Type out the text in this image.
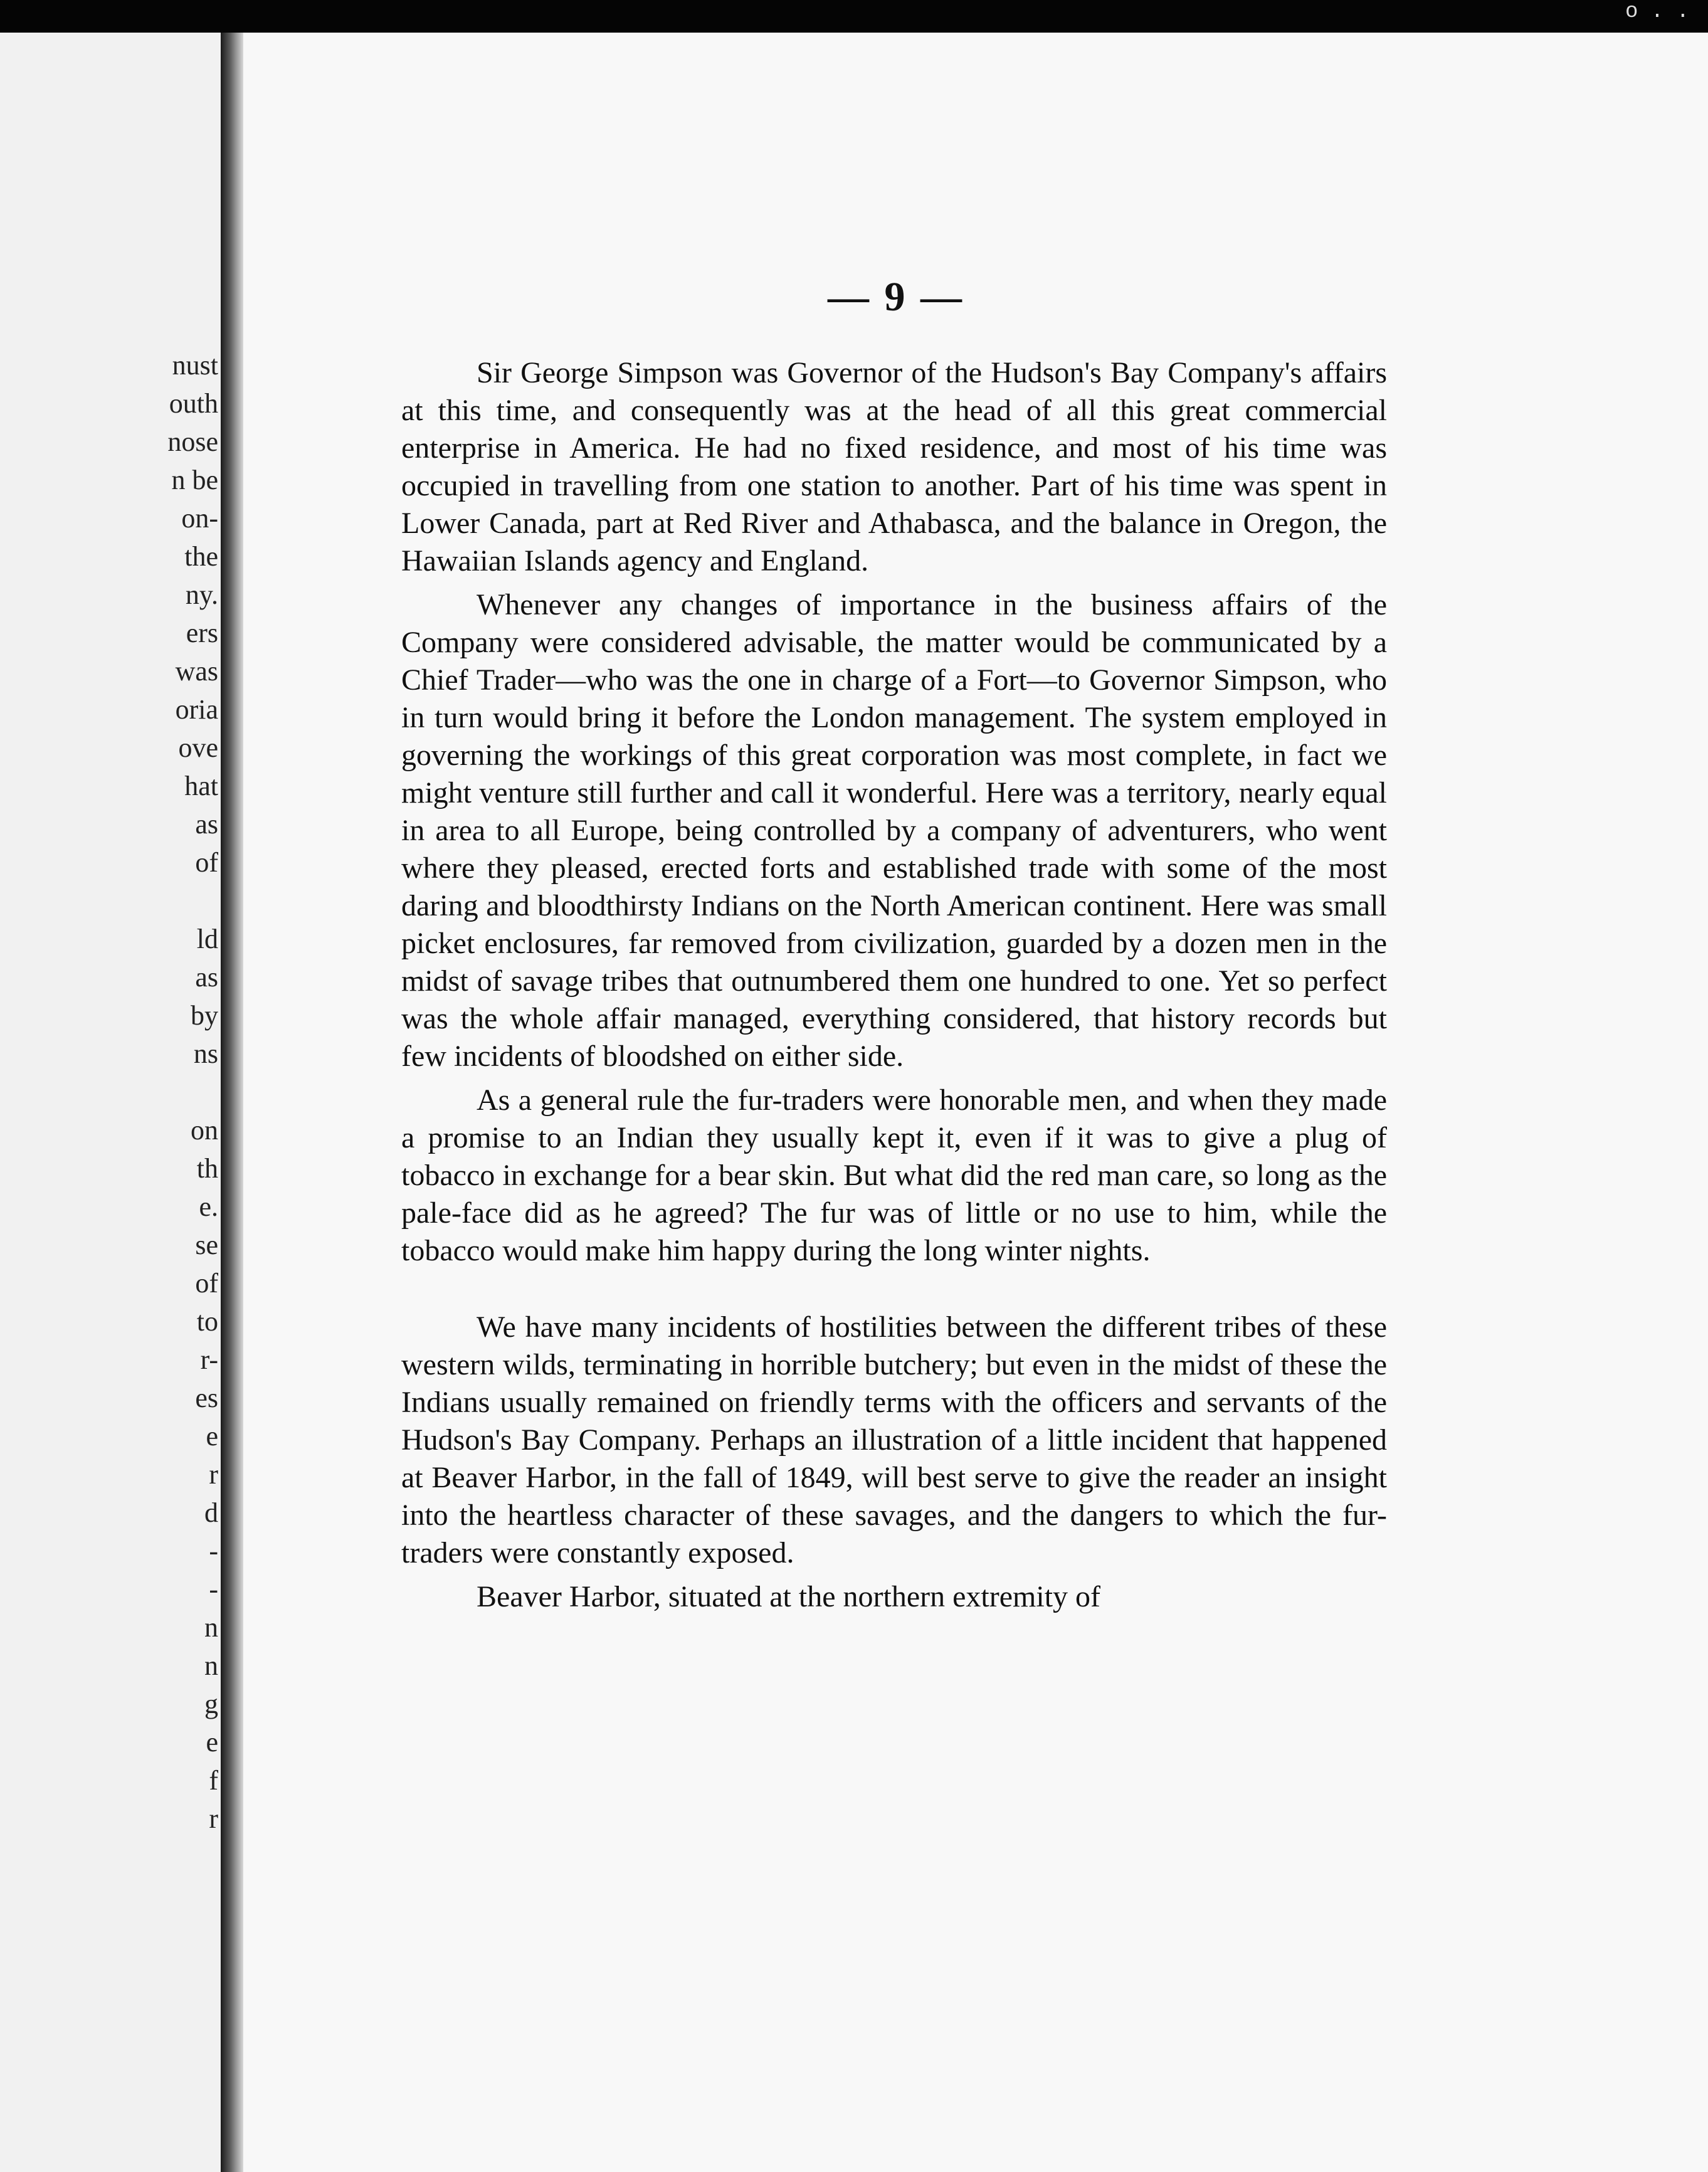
nust
outh
nose
n be
on-
the
ny.
ers
was
oria
ove
hat
as
of
ld
as
by
ns
on
th
e.
se
of
to
r-
es
e
r
d
-
-
n
n
g
e
f
r
o . .
— 9 —

Sir George Simpson was Governor of the Hudson's Bay Company's affairs at this time, and consequently was at the head of all this great commercial enterprise in America. He had no fixed residence, and most of his time was occupied in travelling from one station to another. Part of his time was spent in Lower Canada, part at Red River and Athabasca, and the balance in Oregon, the Hawaiian Islands agency and England.

Whenever any changes of importance in the business affairs of the Company were considered advisable, the matter would be communicated by a Chief Trader—who was the one in charge of a Fort—to Governor Simpson, who in turn would bring it before the London management. The system employed in governing the workings of this great corporation was most complete, in fact we might venture still further and call it wonderful. Here was a territory, nearly equal in area to all Europe, being controlled by a company of adventurers, who went where they pleased, erected forts and established trade with some of the most daring and bloodthirsty Indians on the North American continent. Here was small picket enclosures, far removed from civilization, guarded by a dozen men in the midst of savage tribes that outnumbered them one hundred to one. Yet so perfect was the whole affair managed, everything considered, that history records but few incidents of bloodshed on either side.

As a general rule the fur-traders were honorable men, and when they made a promise to an Indian they usually kept it, even if it was to give a plug of tobacco in exchange for a bear skin. But what did the red man care, so long as the pale-face did as he agreed? The fur was of little or no use to him, while the tobacco would make him happy during the long winter nights.

We have many incidents of hostilities between the different tribes of these western wilds, terminating in horrible butchery; but even in the midst of these the Indians usually remained on friendly terms with the officers and servants of the Hudson's Bay Company. Perhaps an illustration of a little incident that happened at Beaver Harbor, in the fall of 1849, will best serve to give the reader an insight into the heartless character of these savages, and the dangers to which the fur-traders were constantly exposed.

Beaver Harbor, situated at the northern extremity of
